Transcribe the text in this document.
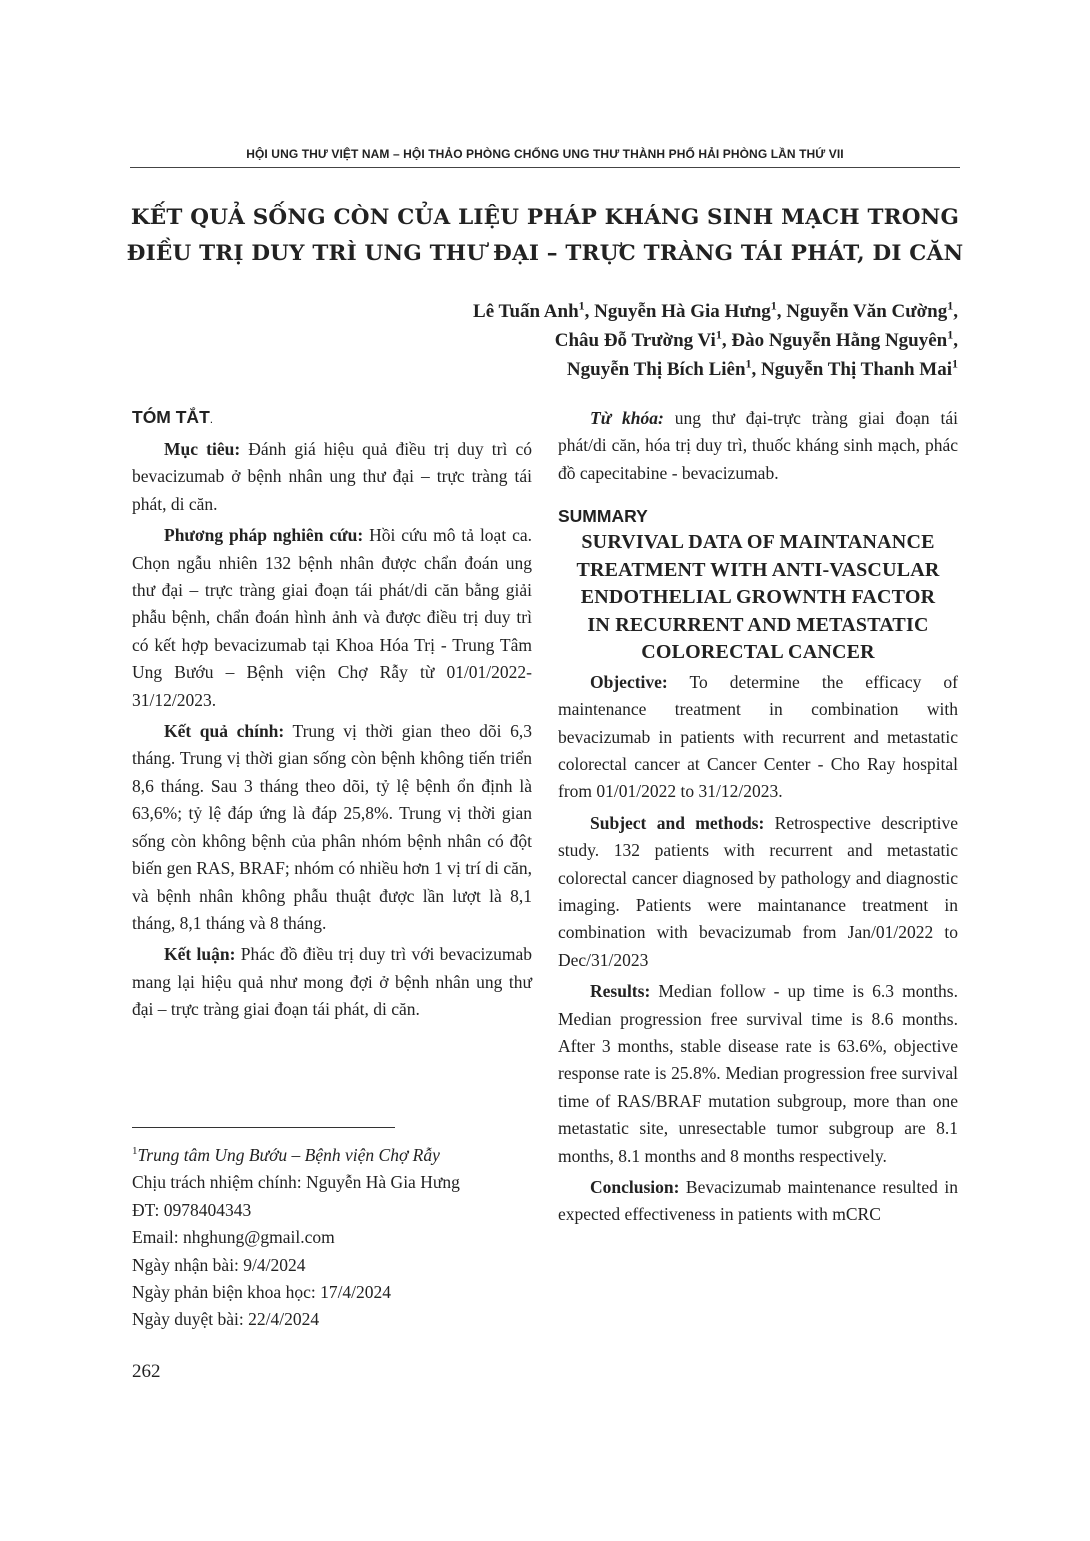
HỘI UNG THƯ VIỆT NAM – HỘI THẢO PHÒNG CHỐNG UNG THƯ THÀNH PHỐ HẢI PHÒNG LẦN THỨ VII
KẾT QUẢ SỐNG CÒN CỦA LIỆU PHÁP KHÁNG SINH MẠCH TRONG
ĐIỀU TRỊ DUY TRÌ UNG THƯ ĐẠI – TRỰC TRÀNG TÁI PHÁT, DI CĂN
Lê Tuấn Anh$^1$, Nguyễn Hà Gia Hưng$^1$, Nguyễn Văn Cường$^1$,
Châu Đỗ Trường Vi$^1$, Đào Nguyễn Hằng Nguyên$^1$,
Nguyễn Thị Bích Liên$^1$, Nguyễn Thị Thanh Mai$^1$
TÓM TẮT.

Mục tiêu: Đánh giá hiệu quả điều trị duy trì có bevacizumab ở bệnh nhân ung thư đại – trực tràng tái phát, di căn.

Phương pháp nghiên cứu: Hồi cứu mô tả loạt ca. Chọn ngẫu nhiên 132 bệnh nhân được chẩn đoán ung thư đại – trực tràng giai đoạn tái phát/di căn bằng giải phẫu bệnh, chẩn đoán hình ảnh và được điều trị duy trì có kết hợp bevacizumab tại Khoa Hóa Trị - Trung Tâm Ung Bướu – Bệnh viện Chợ Rẫy từ 01/01/2022-31/12/2023.

Kết quả chính: Trung vị thời gian theo dõi 6,3 tháng. Trung vị thời gian sống còn bệnh không tiến triển 8,6 tháng. Sau 3 tháng theo dõi, tỷ lệ bệnh ổn định là 63,6%; tỷ lệ đáp ứng là đáp 25,8%. Trung vị thời gian sống còn không bệnh của phân nhóm bệnh nhân có đột biến gen RAS, BRAF; nhóm có nhiều hơn 1 vị trí di căn, và bệnh nhân không phẫu thuật được lần lượt là 8,1 tháng, 8,1 tháng và 8 tháng.

Kết luận: Phác đồ điều trị duy trì với bevacizumab mang lại hiệu quả như mong đợi ở bệnh nhân ung thư đại – trực tràng giai đoạn tái phát, di căn.

Từ khóa: ung thư đại-trực tràng giai đoạn tái phát/di căn, hóa trị duy trì, thuốc kháng sinh mạch, phác đồ capecitabine - bevacizumab.

SUMMARY

SURVIVAL DATA OF MAINTANANCE

TREATMENT WITH ANTI-VASCULAR

ENDOTHELIAL GROWNTH FACTOR

IN RECURRENT AND METASTATIC

COLORECTAL CANCER

Objective: To determine the efficacy of maintenance treatment in combination with bevacizumab in patients with recurrent and metastatic colorectal cancer at Cancer Center - Cho Ray hospital from 01/01/2022 to 31/12/2023.

Subject and methods: Retrospective descriptive study. 132 patients with recurrent and metastatic colorectal cancer diagnosed by pathology and diagnostic imaging. Patients were maintanance treatment in combination with bevacizumab from Jan/01/2022 to Dec/31/2023

Results: Median follow - up time is 6.3 months. Median progression free survival time is 8.6 months. After 3 months, stable disease rate is 63.6%, objective response rate is 25.8%. Median progression free survival time of RAS/BRAF mutation subgroup, more than one metastatic site, unresectable tumor subgroup are 8.1 months, 8.1 months and 8 months respectively.

Conclusion: Bevacizumab maintenance resulted in expected effectiveness in patients with mCRC

$^1$Trung tâm Ung Bướu – Bệnh viện Chợ Rẫy
Chịu trách nhiệm chính: Nguyễn Hà Gia Hưng
ĐT: 0978404343
Email: nhghung@gmail.com
Ngày nhận bài: 9/4/2024
Ngày phản biện khoa học: 17/4/2024
Ngày duyệt bài: 22/4/2024
262
